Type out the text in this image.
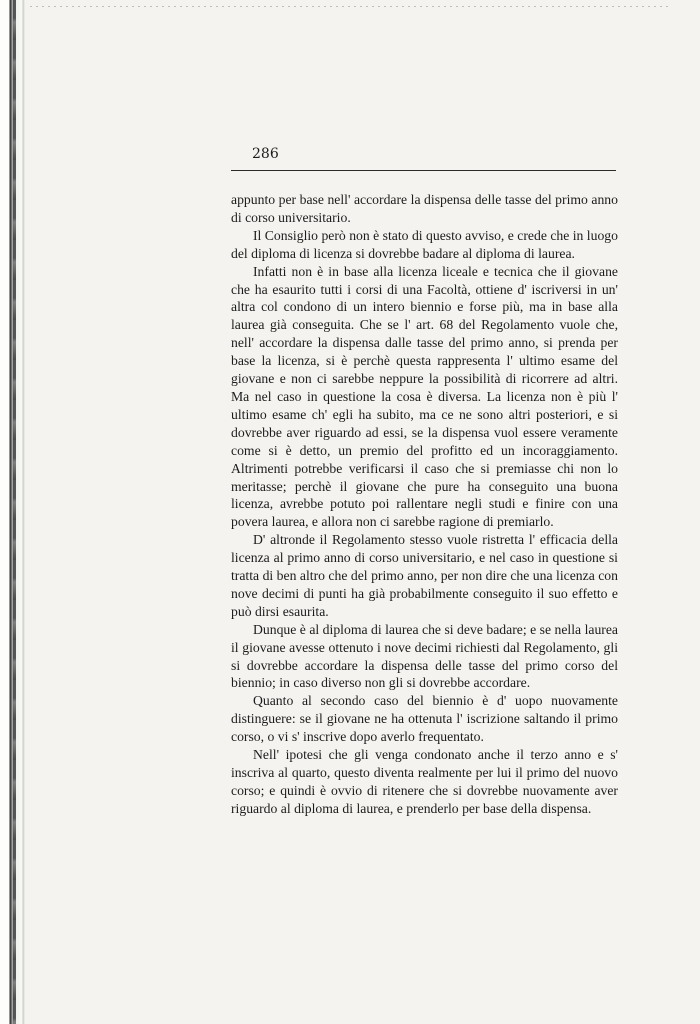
286

appunto per base nell' accordare la dispensa delle tasse del primo anno di corso universitario.

Il Consiglio però non è stato di questo avviso, e crede che in luogo del diploma di licenza si dovrebbe badare al diploma di laurea.

Infatti non è in base alla licenza liceale e tecnica che il giovane che ha esaurito tutti i corsi di una Facoltà, ottiene d' iscriversi in un' altra col condono di un intero biennio e forse più, ma in base alla laurea già conseguita. Che se l' art. 68 del Regolamento vuole che, nell' accordare la dispensa dalle tasse del primo anno, si prenda per base la licenza, si è perchè questa rappresenta l' ultimo esame del giovane e non ci sarebbe neppure la possibilità di ricorrere ad altri. Ma nel caso in questione la cosa è diversa. La licenza non è più l' ultimo esame ch' egli ha subito, ma ce ne sono altri posteriori, e si dovrebbe aver riguardo ad essi, se la dispensa vuol essere veramente come si è detto, un premio del profitto ed un incoraggiamento. Altrimenti potrebbe verificarsi il caso che si premiasse chi non lo meritasse; perchè il giovane che pure ha conseguito una buona licenza, avrebbe potuto poi rallentare negli studi e finire con una povera laurea, e allora non ci sarebbe ragione di premiarlo.

D' altronde il Regolamento stesso vuole ristretta l' efficacia della licenza al primo anno di corso universitario, e nel caso in questione si tratta di ben altro che del primo anno, per non dire che una licenza con nove decimi di punti ha già probabilmente conseguito il suo effetto e può dirsi esaurita.

Dunque è al diploma di laurea che si deve badare; e se nella laurea il giovane avesse ottenuto i nove decimi richiesti dal Regolamento, gli si dovrebbe accordare la dispensa delle tasse del primo corso del biennio; in caso diverso non gli si dovrebbe accordare.

Quanto al secondo caso del biennio è d' uopo nuovamente distinguere: se il giovane ne ha ottenuta l' iscrizione saltando il primo corso, o vi s' inscrive dopo averlo frequentato.

Nell' ipotesi che gli venga condonato anche il terzo anno e s' inscriva al quarto, questo diventa realmente per lui il primo del nuovo corso; e quindi è ovvio di ritenere che si dovrebbe nuovamente aver riguardo al diploma di laurea, e prenderlo per base della dispensa.
